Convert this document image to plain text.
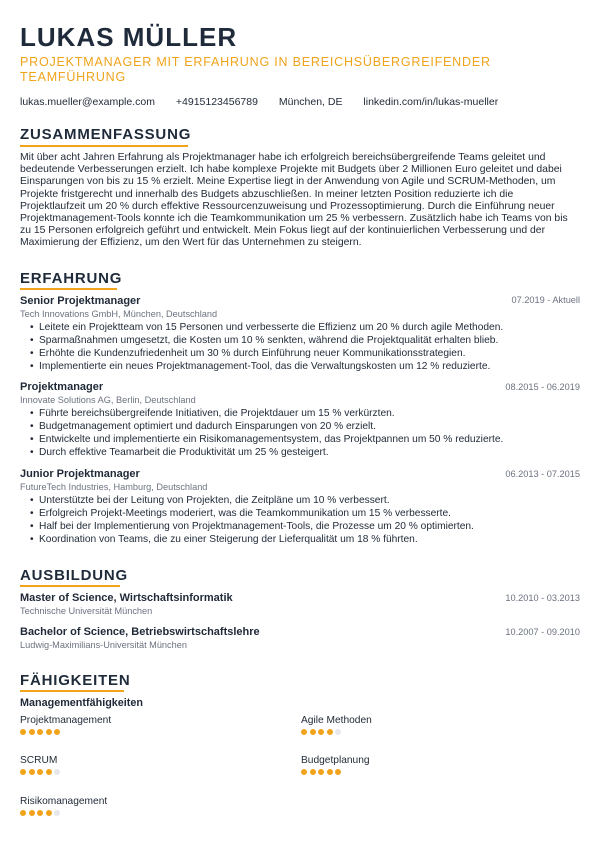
LUKAS MÜLLER
PROJEKTMANAGER MIT ERFAHRUNG IN BEREICHSÜBERGREIFENDER TEAMFÜHRUNG
lukas.mueller@example.com +4915123456789 München, DE linkedin.com/in/lukas-mueller
ZUSAMMENFASSUNG
Mit über acht Jahren Erfahrung als Projektmanager habe ich erfolgreich bereichsübergreifende Teams geleitet und bedeutende Verbesserungen erzielt. Ich habe komplexe Projekte mit Budgets über 2 Millionen Euro geleitet und dabei Einsparungen von bis zu 15 % erzielt. Meine Expertise liegt in der Anwendung von Agile und SCRUM-Methoden, um Projekte fristgerecht und innerhalb des Budgets abzuschließen. In meiner letzten Position reduzierte ich die Projektlaufzeit um 20 % durch effektive Ressourcenzuweisung und Prozessoptimierung. Durch die Einführung neuer Projektmanagement-Tools konnte ich die Teamkommunikation um 25 % verbessern. Zusätzlich habe ich Teams von bis zu 15 Personen erfolgreich geführt und entwickelt. Mein Fokus liegt auf der kontinuierlichen Verbesserung und der Maximierung der Effizienz, um den Wert für das Unternehmen zu steigern.
ERFAHRUNG
Senior Projektmanager	07.2019 - Aktuell
Tech Innovations GmbH, München, Deutschland
• Leitete ein Projektteam von 15 Personen und verbesserte die Effizienz um 20 % durch agile Methoden.
• Sparmaßnahmen umgesetzt, die Kosten um 10 % senkten, während die Projektqualität erhalten blieb.
• Erhöhte die Kundenzufriedenheit um 30 % durch Einführung neuer Kommunikationsstrategien.
• Implementierte ein neues Projektmanagement-Tool, das die Verwaltungskosten um 12 % reduzierte.
Projektmanager	08.2015 - 06.2019
Innovate Solutions AG, Berlin, Deutschland
• Führte bereichsübergreifende Initiativen, die Projektdauer um 15 % verkürzten.
• Budgetmanagement optimiert und dadurch Einsparungen von 20 % erzielt.
• Entwickelte und implementierte ein Risikomanagementsystem, das Projektpannen um 50 % reduzierte.
• Durch effektive Teamarbeit die Produktivität um 25 % gesteigert.
Junior Projektmanager	06.2013 - 07.2015
FutureTech Industries, Hamburg, Deutschland
• Unterstützte bei der Leitung von Projekten, die Zeitpläne um 10 % verbessert.
• Erfolgreich Projekt-Meetings moderiert, was die Teamkommunikation um 15 % verbesserte.
• Half bei der Implementierung von Projektmanagement-Tools, die Prozesse um 20 % optimierten.
• Koordination von Teams, die zu einer Steigerung der Lieferqualität um 18 % führten.
AUSBILDUNG
Master of Science, Wirtschaftsinformatik	10.2010 - 03.2013
Technische Universität München
Bachelor of Science, Betriebswirtschaftslehre	10.2007 - 09.2010
Ludwig-Maximilians-Universität München
FÄHIGKEITEN
Managementfähigkeiten
Projektmanagement	Agile Methoden
SCRUM	Budgetplanung
Risikomanagement
